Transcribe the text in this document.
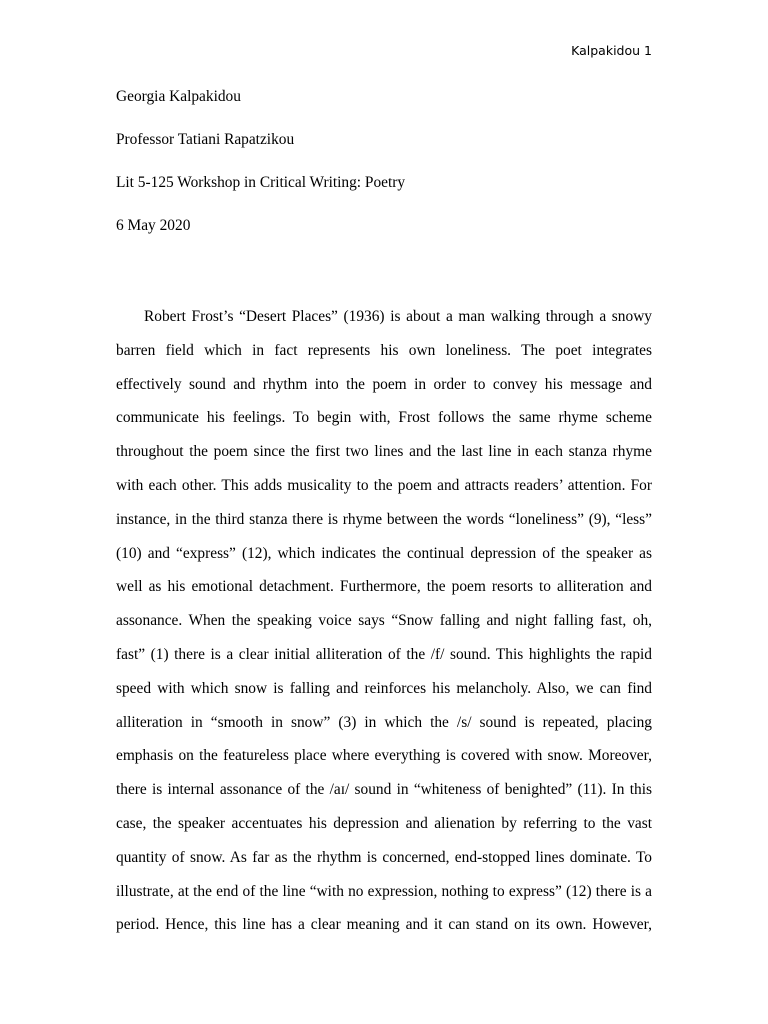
Kalpakidou 1
Georgia Kalpakidou
Professor Tatiani Rapatzikou
Lit 5-125 Workshop in Critical Writing: Poetry
6 May 2020
Robert Frost’s “Desert Places” (1936) is about a man walking through a snowy
barren field which in fact represents his own loneliness. The poet integrates
effectively sound and rhythm into the poem in order to convey his message and
communicate his feelings. To begin with, Frost follows the same rhyme scheme
throughout the poem since the first two lines and the last line in each stanza rhyme
with each other. This adds musicality to the poem and attracts readers’ attention. For
instance, in the third stanza there is rhyme between the words “loneliness” (9), “less”
(10) and “express” (12), which indicates the continual depression of the speaker as
well as his emotional detachment. Furthermore, the poem resorts to alliteration and
assonance. When the speaking voice says “Snow falling and night falling fast, oh,
fast” (1) there is a clear initial alliteration of the /f/ sound. This highlights the rapid
speed with which snow is falling and reinforces his melancholy. Also, we can find
alliteration in “smooth in snow” (3) in which the /s/ sound is repeated, placing
emphasis on the featureless place where everything is covered with snow. Moreover,
there is internal assonance of the /aɪ/ sound in “whiteness of benighted” (11). In this
case, the speaker accentuates his depression and alienation by referring to the vast
quantity of snow. As far as the rhythm is concerned, end-stopped lines dominate. To
illustrate, at the end of the line “with no expression, nothing to express” (12) there is a
period. Hence, this line has a clear meaning and it can stand on its own. However,
